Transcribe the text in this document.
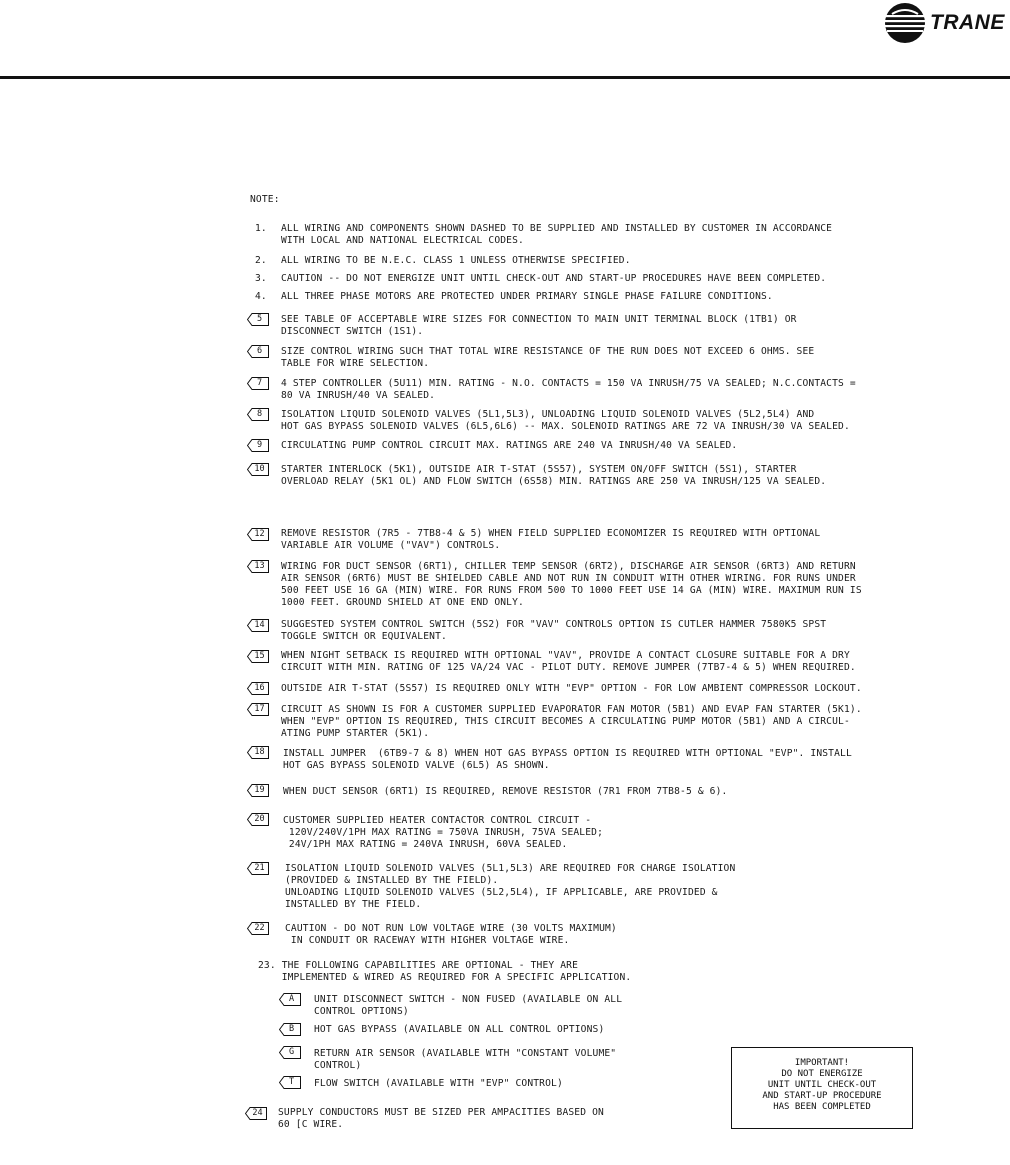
TRANE
NOTE:
1. ALL WIRING AND COMPONENTS SHOWN DASHED TO BE SUPPLIED AND INSTALLED BY CUSTOMER IN ACCORDANCE
WITH LOCAL AND NATIONAL ELECTRICAL CODES.
2. ALL WIRING TO BE N.E.C. CLASS 1 UNLESS OTHERWISE SPECIFIED.
3. CAUTION -- DO NOT ENERGIZE UNIT UNTIL CHECK-OUT AND START-UP PROCEDURES HAVE BEEN COMPLETED.
4. ALL THREE PHASE MOTORS ARE PROTECTED UNDER PRIMARY SINGLE PHASE FAILURE CONDITIONS.
5	SEE TABLE OF ACCEPTABLE WIRE SIZES FOR CONNECTION TO MAIN UNIT TERMINAL BLOCK (1TB1) OR
DISCONNECT SWITCH (1S1).
6	SIZE CONTROL WIRING SUCH THAT TOTAL WIRE RESISTANCE OF THE RUN DOES NOT EXCEED 6 OHMS. SEE
TABLE FOR WIRE SELECTION.
7	4 STEP CONTROLLER (5U11) MIN. RATING - N.O. CONTACTS = 150 VA INRUSH/75 VA SEALED; N.C.CONTACTS =
80 VA INRUSH/40 VA SEALED.
8	ISOLATION LIQUID SOLENOID VALVES (5L1,5L3), UNLOADING LIQUID SOLENOID VALVES (5L2,5L4) AND
HOT GAS BYPASS SOLENOID VALVES (6L5,6L6) -- MAX. SOLENOID RATINGS ARE 72 VA INRUSH/30 VA SEALED.
9	CIRCULATING PUMP CONTROL CIRCUIT MAX. RATINGS ARE 240 VA INRUSH/40 VA SEALED.
10	STARTER INTERLOCK (5K1), OUTSIDE AIR T-STAT (5S57), SYSTEM ON/OFF SWITCH (5S1), STARTER
OVERLOAD RELAY (5K1 OL) AND FLOW SWITCH (6S58) MIN. RATINGS ARE 250 VA INRUSH/125 VA SEALED.
12	REMOVE RESISTOR (7R5 - 7TB8-4 & 5) WHEN FIELD SUPPLIED ECONOMIZER IS REQUIRED WITH OPTIONAL
VARIABLE AIR VOLUME ("VAV") CONTROLS.
13	WIRING FOR DUCT SENSOR (6RT1), CHILLER TEMP SENSOR (6RT2), DISCHARGE AIR SENSOR (6RT3) AND RETURN
AIR SENSOR (6RT6) MUST BE SHIELDED CABLE AND NOT RUN IN CONDUIT WITH OTHER WIRING. FOR RUNS UNDER
500 FEET USE 16 GA (MIN) WIRE. FOR RUNS FROM 500 TO 1000 FEET USE 14 GA (MIN) WIRE. MAXIMUM RUN IS
1000 FEET. GROUND SHIELD AT ONE END ONLY.
14	SUGGESTED SYSTEM CONTROL SWITCH (5S2) FOR "VAV" CONTROLS OPTION IS CUTLER HAMMER 7580K5 SPST
TOGGLE SWITCH OR EQUIVALENT.
15	WHEN NIGHT SETBACK IS REQUIRED WITH OPTIONAL "VAV", PROVIDE A CONTACT CLOSURE SUITABLE FOR A DRY
CIRCUIT WITH MIN. RATING OF 125 VA/24 VAC - PILOT DUTY. REMOVE JUMPER (7TB7-4 & 5) WHEN REQUIRED.
16	OUTSIDE AIR T-STAT (5S57) IS REQUIRED ONLY WITH "EVP" OPTION - FOR LOW AMBIENT COMPRESSOR LOCKOUT.
17	CIRCUIT AS SHOWN IS FOR A CUSTOMER SUPPLIED EVAPORATOR FAN MOTOR (5B1) AND EVAP FAN STARTER (5K1).
WHEN "EVP" OPTION IS REQUIRED, THIS CIRCUIT BECOMES A CIRCULATING PUMP MOTOR (5B1) AND A CIRCUL-
ATING PUMP STARTER (5K1).
18	INSTALL JUMPER  (6TB9-7 & 8) WHEN HOT GAS BYPASS OPTION IS REQUIRED WITH OPTIONAL "EVP". INSTALL
HOT GAS BYPASS SOLENOID VALVE (6L5) AS SHOWN.
19	WHEN DUCT SENSOR (6RT1) IS REQUIRED, REMOVE RESISTOR (7R1 FROM 7TB8-5 & 6).
20	CUSTOMER SUPPLIED HEATER CONTACTOR CONTROL CIRCUIT -
120V/240V/1PH MAX RATING = 750VA INRUSH, 75VA SEALED;
24V/1PH MAX RATING = 240VA INRUSH, 60VA SEALED.
21	ISOLATION LIQUID SOLENOID VALVES (5L1,5L3) ARE REQUIRED FOR CHARGE ISOLATION
(PROVIDED & INSTALLED BY THE FIELD).
UNLOADING LIQUID SOLENOID VALVES (5L2,5L4), IF APPLICABLE, ARE PROVIDED &
INSTALLED BY THE FIELD.
22	CAUTION - DO NOT RUN LOW VOLTAGE WIRE (30 VOLTS MAXIMUM)
IN CONDUIT OR RACEWAY WITH HIGHER VOLTAGE WIRE.
23. THE FOLLOWING CAPABILITIES ARE OPTIONAL - THEY ARE
IMPLEMENTED & WIRED AS REQUIRED FOR A SPECIFIC APPLICATION.
A	UNIT DISCONNECT SWITCH - NON FUSED (AVAILABLE ON ALL
CONTROL OPTIONS)
B	HOT GAS BYPASS (AVAILABLE ON ALL CONTROL OPTIONS)
G	RETURN AIR SENSOR (AVAILABLE WITH "CONSTANT VOLUME"
CONTROL)
T	FLOW SWITCH (AVAILABLE WITH "EVP" CONTROL)
24	SUPPLY CONDUCTORS MUST BE SIZED PER AMPACITIES BASED ON
60 [C WIRE.
IMPORTANT!
DO NOT ENERGIZE
UNIT UNTIL CHECK-OUT
AND START-UP PROCEDURE
HAS BEEN COMPLETED
